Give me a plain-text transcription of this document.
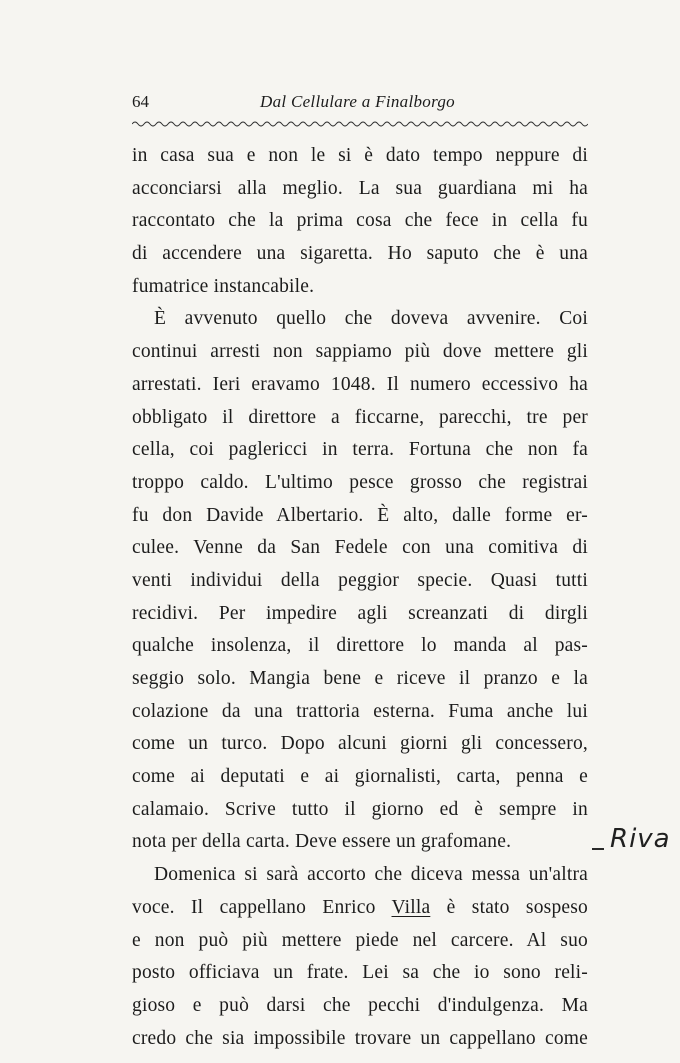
64	Dal Cellulare a Finalborgo
in casa sua e non le si è dato tempo neppure di
acconciarsi alla meglio. La sua guardiana mi ha
raccontato che la prima cosa che fece in cella fu
di accendere una sigaretta. Ho saputo che è una
fumatrice instancabile.
È avvenuto quello che doveva avvenire. Coi
continui arresti non sappiamo più dove mettere gli
arrestati. Ieri eravamo 1048. Il numero eccessivo ha
obbligato il direttore a ficcarne, parecchi, tre per
cella, coi paglericci in terra. Fortuna che non fa
troppo caldo. L'ultimo pesce grosso che registrai
fu don Davide Albertario. È alto, dalle forme er-
culee. Venne da San Fedele con una comitiva di
venti individui della peggior specie. Quasi tutti
recidivi. Per impedire agli screanzati di dirgli
qualche insolenza, il direttore lo manda al pas-
seggio solo. Mangia bene e riceve il pranzo e la
colazione da una trattoria esterna. Fuma anche lui
come un turco. Dopo alcuni giorni gli concessero,
come ai deputati e ai giornalisti, carta, penna e
calamaio. Scrive tutto il giorno ed è sempre in
nota per della carta. Deve essere un grafomane.
Domenica si sarà accorto che diceva messa un'altra
voce. Il cappellano Enrico Villa è stato sospeso
e non può più mettere piede nel carcere. Al suo
posto officiava un frate. Lei sa che io sono reli-
gioso e può darsi che pecchi d'indulgenza. Ma
credo che sia impossibile trovare un cappellano come
Riva
